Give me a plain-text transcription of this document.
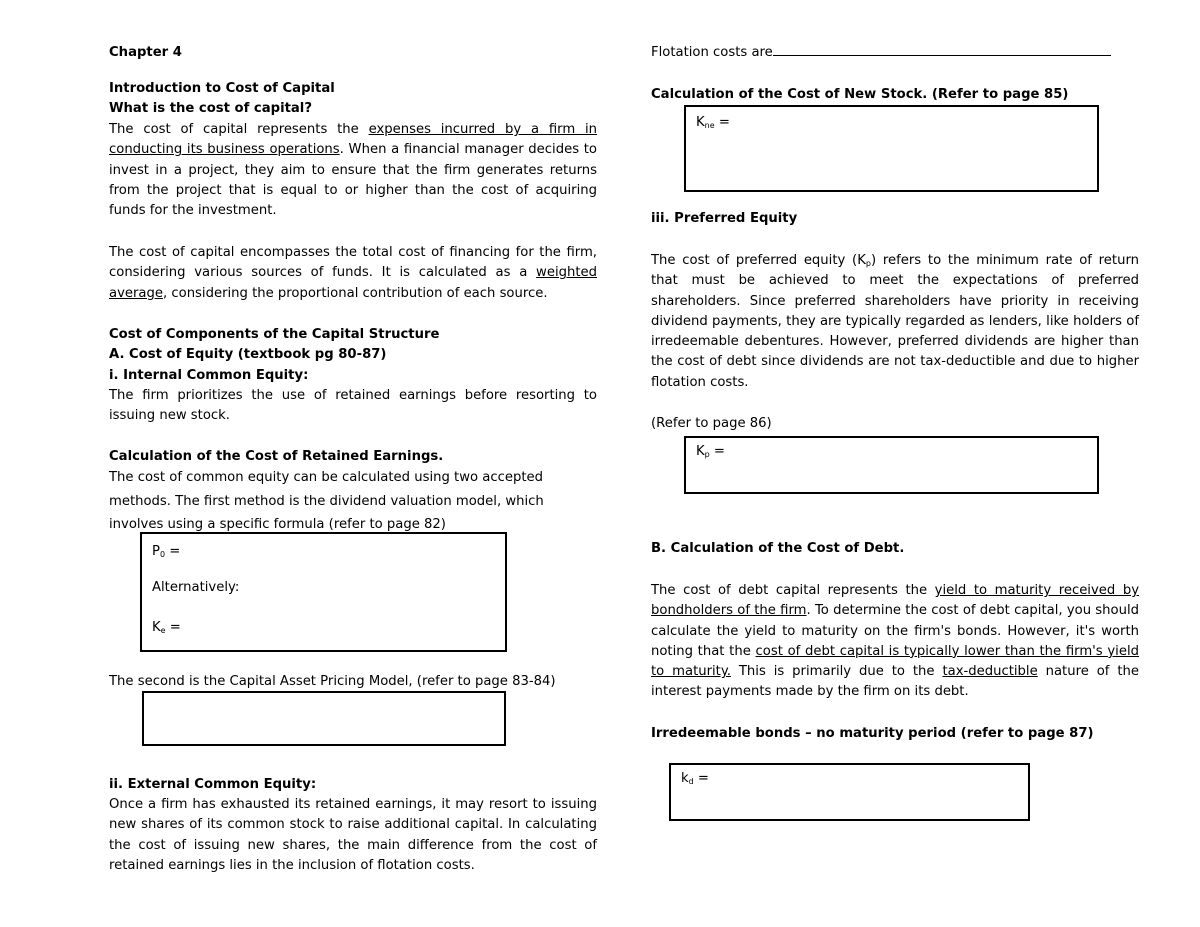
Chapter 4

Introduction to Cost of Capital

What is the cost of capital?

The cost of capital represents the expenses incurred by a firm in conducting its business operations. When a financial manager decides to invest in a project, they aim to ensure that the firm generates returns from the project that is equal to or higher than the cost of acquiring funds for the investment.

The cost of capital encompasses the total cost of financing for the firm, considering various sources of funds. It is calculated as a weighted average, considering the proportional contribution of each source.

Cost of Components of the Capital Structure

A. Cost of Equity (textbook pg 80-87)

i. Internal Common Equity:

The firm prioritizes the use of retained earnings before resorting to issuing new stock.

Calculation of the Cost of Retained Earnings.

The cost of common equity can be calculated using two accepted

methods. The first method is the dividend valuation model, which

involves using a specific formula (refer to page 82)

The second is the Capital Asset Pricing Model, (refer to page 83-84)

ii. External Common Equity:

Once a firm has exhausted its retained earnings, it may resort to issuing new shares of its common stock to raise additional capital. In calculating the cost of issuing new shares, the main difference from the cost of retained earnings lies in the inclusion of flotation costs.

$P_0$ =
Alternatively:
$K_e$ =

Flotation costs are

Calculation of the Cost of New Stock. (Refer to page 85)

iii. Preferred Equity

The cost of preferred equity $(K_p)$ refers to the minimum rate of return that must be achieved to meet the expectations of preferred shareholders. Since preferred shareholders have priority in receiving dividend payments, they are typically regarded as lenders, like holders of irredeemable debentures. However, preferred dividends are higher than the cost of debt since dividends are not tax-deductible and due to higher flotation costs.

(Refer to page 86)

B. Calculation of the Cost of Debt.

The cost of debt capital represents the yield to maturity received by bondholders of the firm. To determine the cost of debt capital, you should calculate the yield to maturity on the firm's bonds. However, it's worth noting that the cost of debt capital is typically lower than the firm's yield to maturity. This is primarily due to the tax-deductible nature of the interest payments made by the firm on its debt.

Irredeemable bonds – no maturity period (refer to page 87)

$K_{ne}$ =
$K_p$ =
$k_d$ =
